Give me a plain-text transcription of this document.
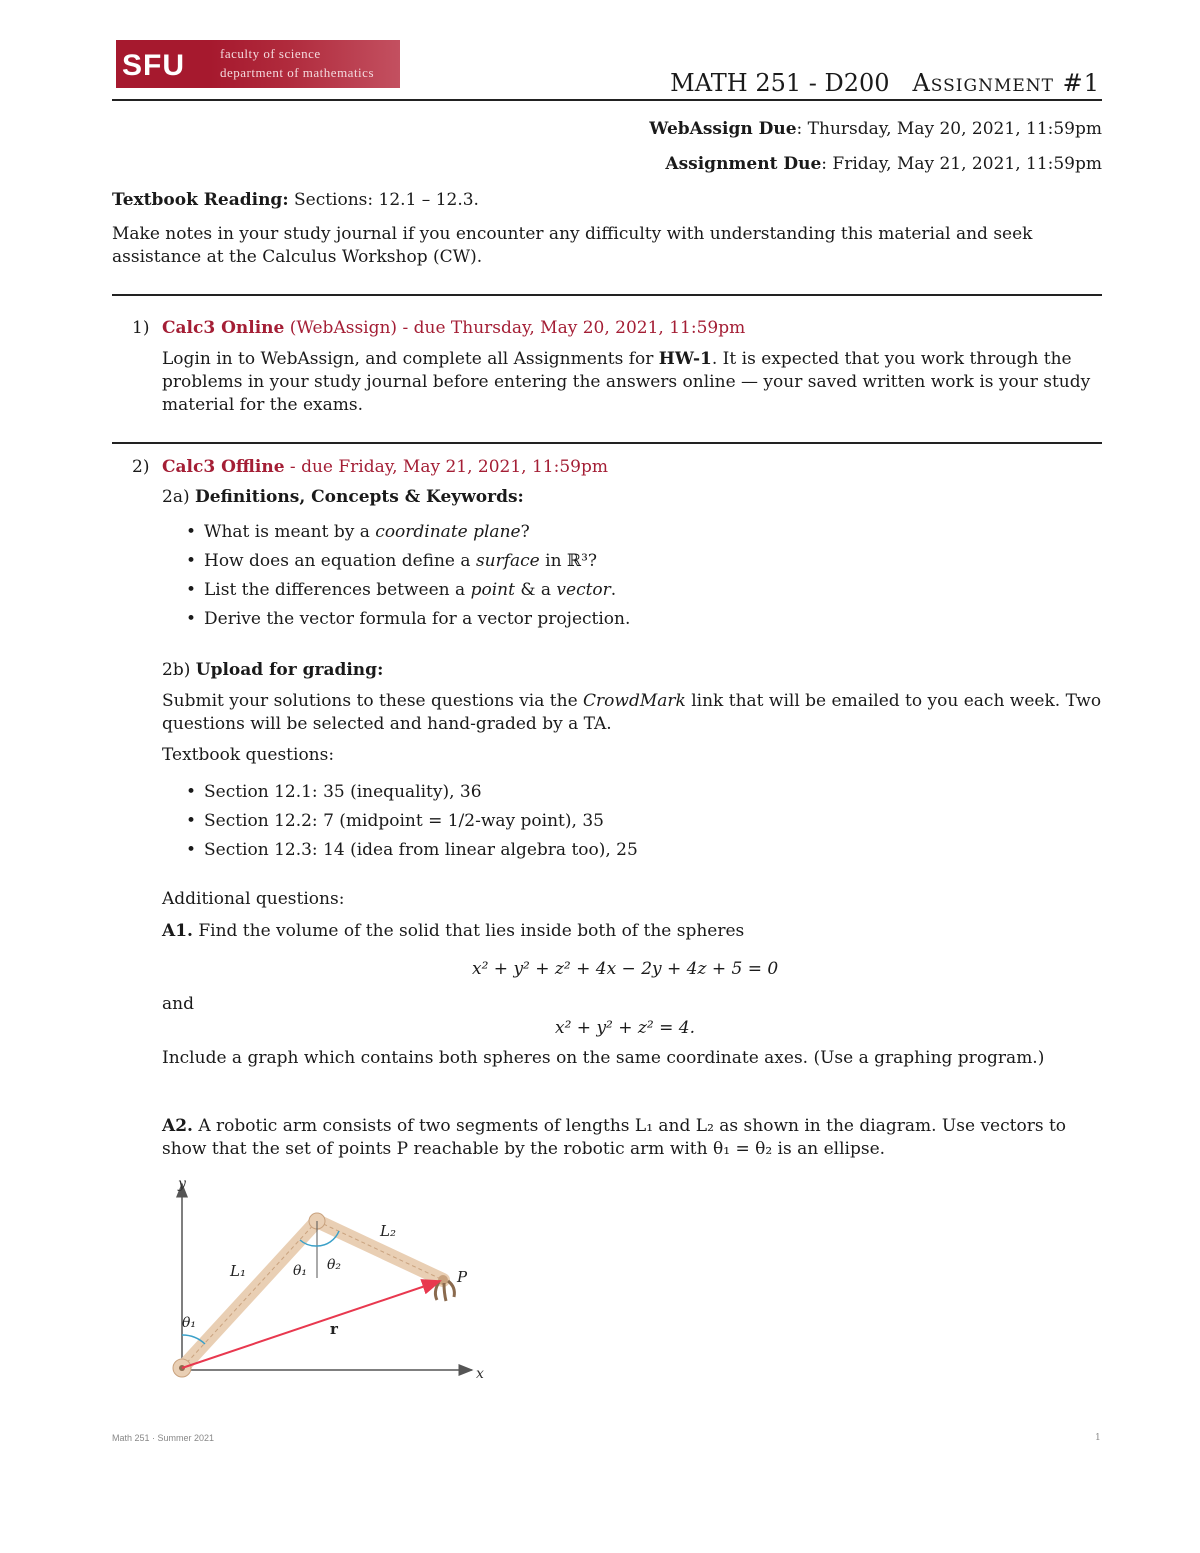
SFU	faculty of science
department of mathematics	MATH 251 - D200 Assignment #1
WebAssign Due: Thursday, May 20, 2021, 11:59pm
Assignment Due: Friday, May 21, 2021, 11:59pm
Textbook Reading: Sections: 12.1 – 12.3.
Make notes in your study journal if you encounter any difficulty with understanding this material and seek assistance at the Calculus Workshop (CW).
1) Calc3 Online (WebAssign) - due Thursday, May 20, 2021, 11:59pm
Login in to WebAssign, and complete all Assignments for HW-1. It is expected that you work through the problems in your study journal before entering the answers online — your saved written work is your study material for the exams.
2) Calc3 Offline - due Friday, May 21, 2021, 11:59pm
2a) Definitions, Concepts & Keywords:
• What is meant by a coordinate plane?
• How does an equation define a surface in ℝ³?
• List the differences between a point & a vector.
• Derive the vector formula for a vector projection.
2b) Upload for grading:
Submit your solutions to these questions via the CrowdMark link that will be emailed to you each week. Two questions will be selected and hand-graded by a TA.
Textbook questions:
• Section 12.1: 35 (inequality), 36
• Section 12.2: 7 (midpoint = 1/2-way point), 35
• Section 12.3: 14 (idea from linear algebra too), 25
Additional questions:
A1. Find the volume of the solid that lies inside both of the spheres
x² + y² + z² + 4x − 2y + 4z + 5 = 0
and
x² + y² + z² = 4.
Include a graph which contains both spheres on the same coordinate axes. (Use a graphing program.)
A2. A robotic arm consists of two segments of lengths L₁ and L₂ as shown in the diagram. Use vectors to show that the set of points P reachable by the robotic arm with θ₁ = θ₂ is an ellipse.
y
x
θ₁
L₁	θ₁ θ₂
L₂
P
r
Math 251 · Summer 2021	1
